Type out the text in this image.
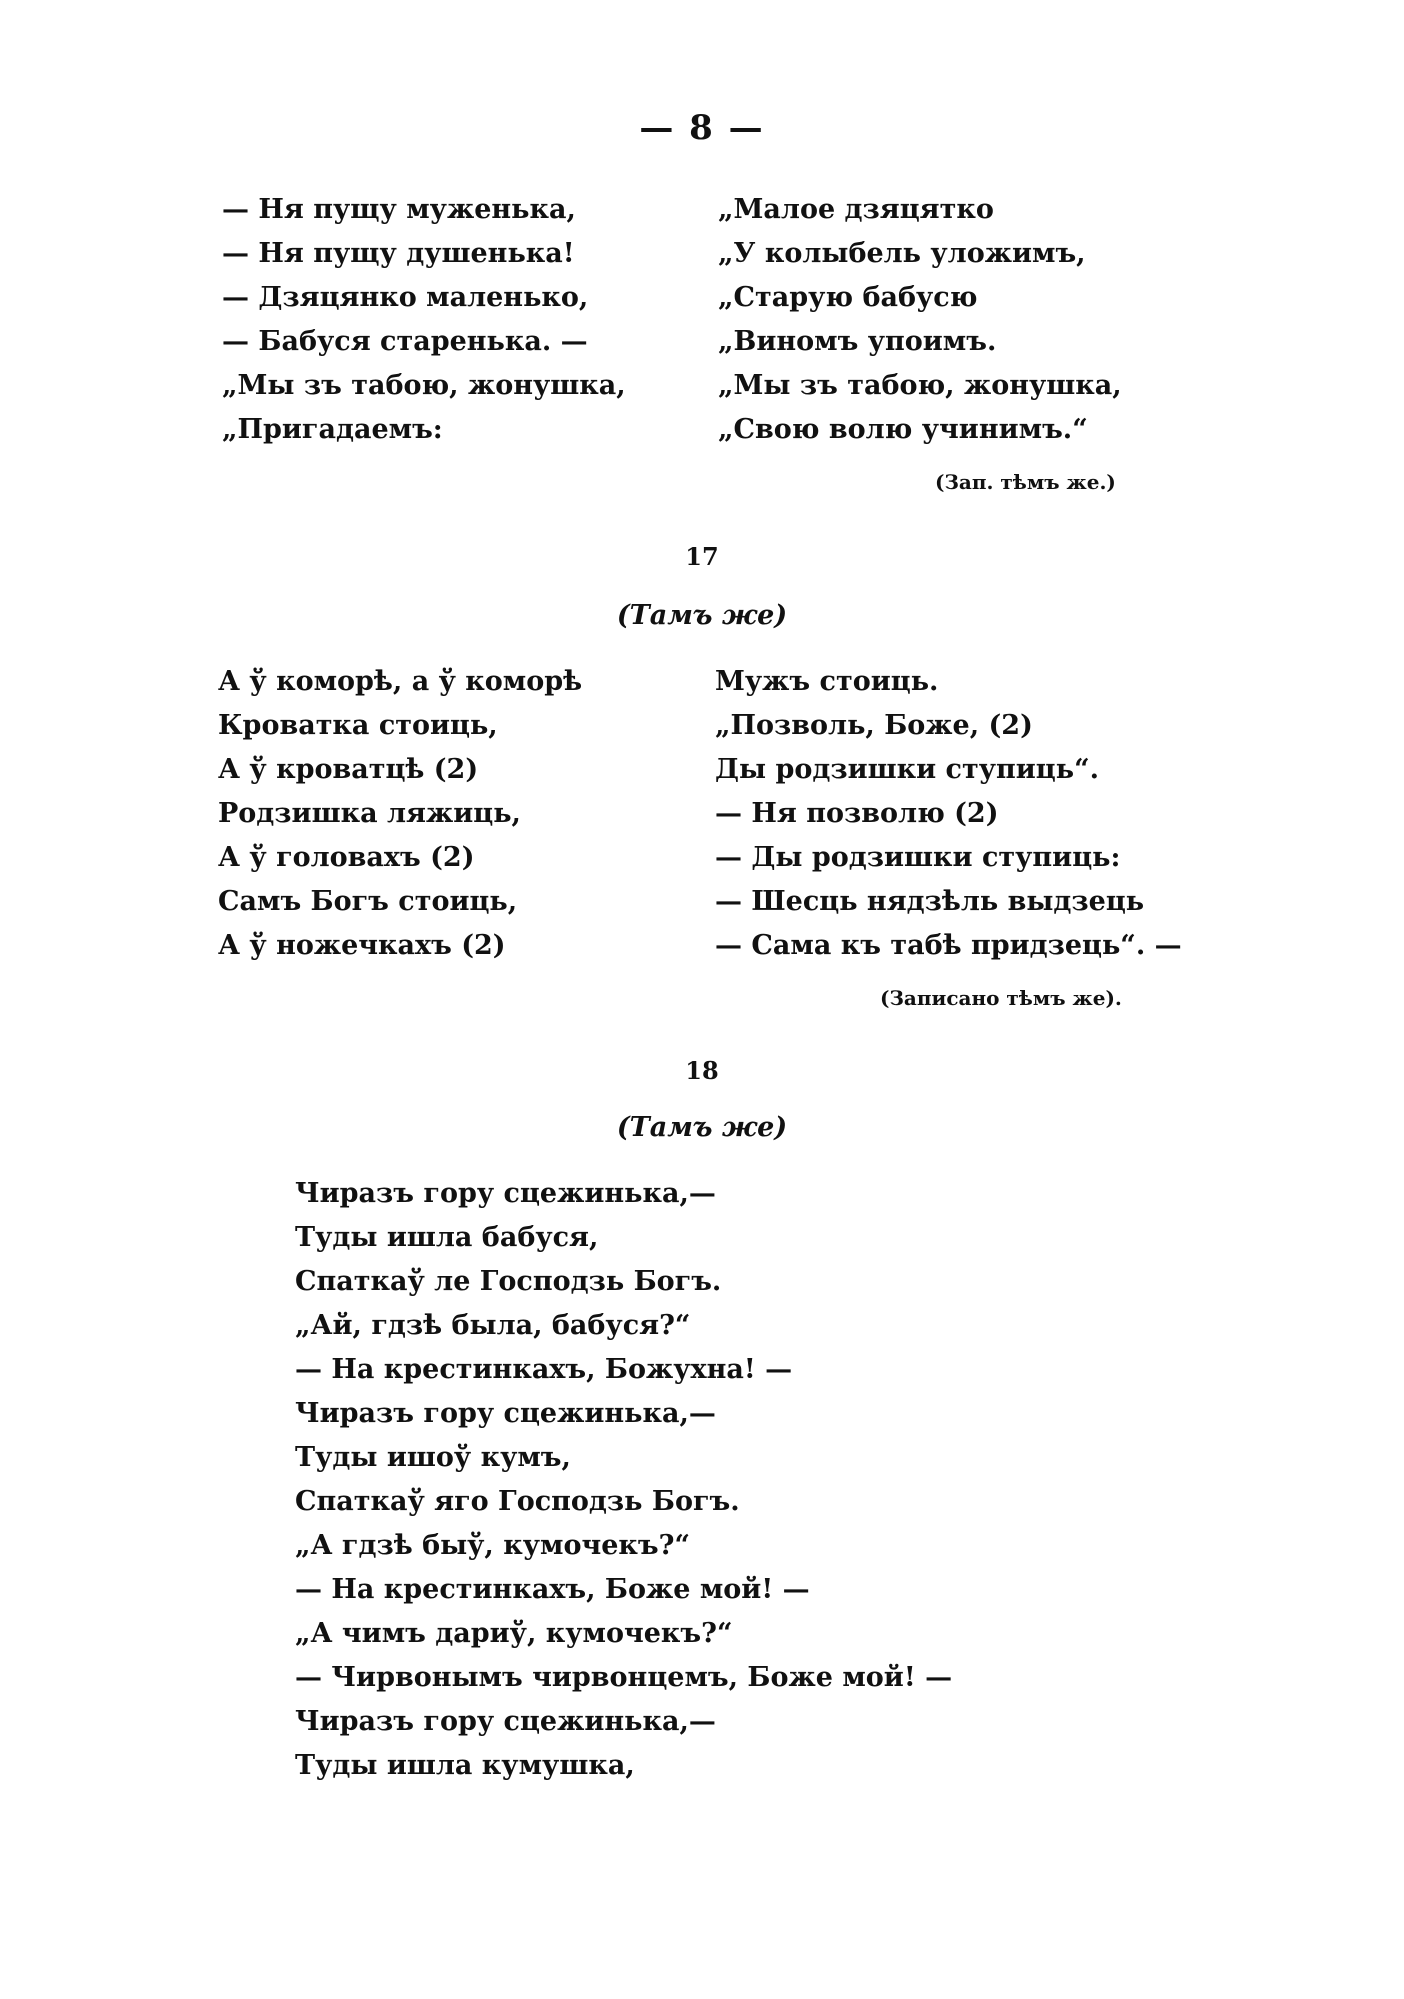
— 8 —
— Ня пущу муженька,
— Ня пущу душенька!
— Дзяцянко маленько,
— Бабуся старенька. —
„Мы зъ табою, жонушка,
„Пригадаемъ:
„Малое дзяцятко
„У колыбель уложимъ,
„Старую бабусю
„Виномъ упоимъ.
„Мы зъ табою, жонушка,
„Свою волю учинимъ.“
(Зап. тѣмъ же.)
17
(Тамъ же)
А ў коморѣ, а ў коморѣ
Кроватка стоиць,
А ў кроватцѣ (2)
Родзишка ляжиць,
А ў головахъ (2)
Самъ Богъ стоиць,
А ў ножечкахъ (2)
Мужъ стоиць.
„Позволь, Боже, (2)
Ды родзишки ступиць“.
— Ня позволю (2)
— Ды родзишки ступиць:
— Шесць нядзѣль выдзець
— Сама къ табѣ придзець“. —
(Записано тѣмъ же).
18
(Тамъ же)
Чиразъ гору сцежинька,—
Туды ишла бабуся,
Спаткаў ле Господзь Богъ.
„Ай, гдзѣ была, бабуся?“
— На крестинкахъ, Божухна! —
Чиразъ гору сцежинька,—
Туды ишоў кумъ,
Спаткаў яго Господзь Богъ.
„А гдзѣ быў, кумочекъ?“
— На крестинкахъ, Боже мой! —
„А чимъ дариў, кумочекъ?“
— Чирвонымъ чирвонцемъ, Боже мой! —
Чиразъ гору сцежинька,—
Туды ишла кумушка,
